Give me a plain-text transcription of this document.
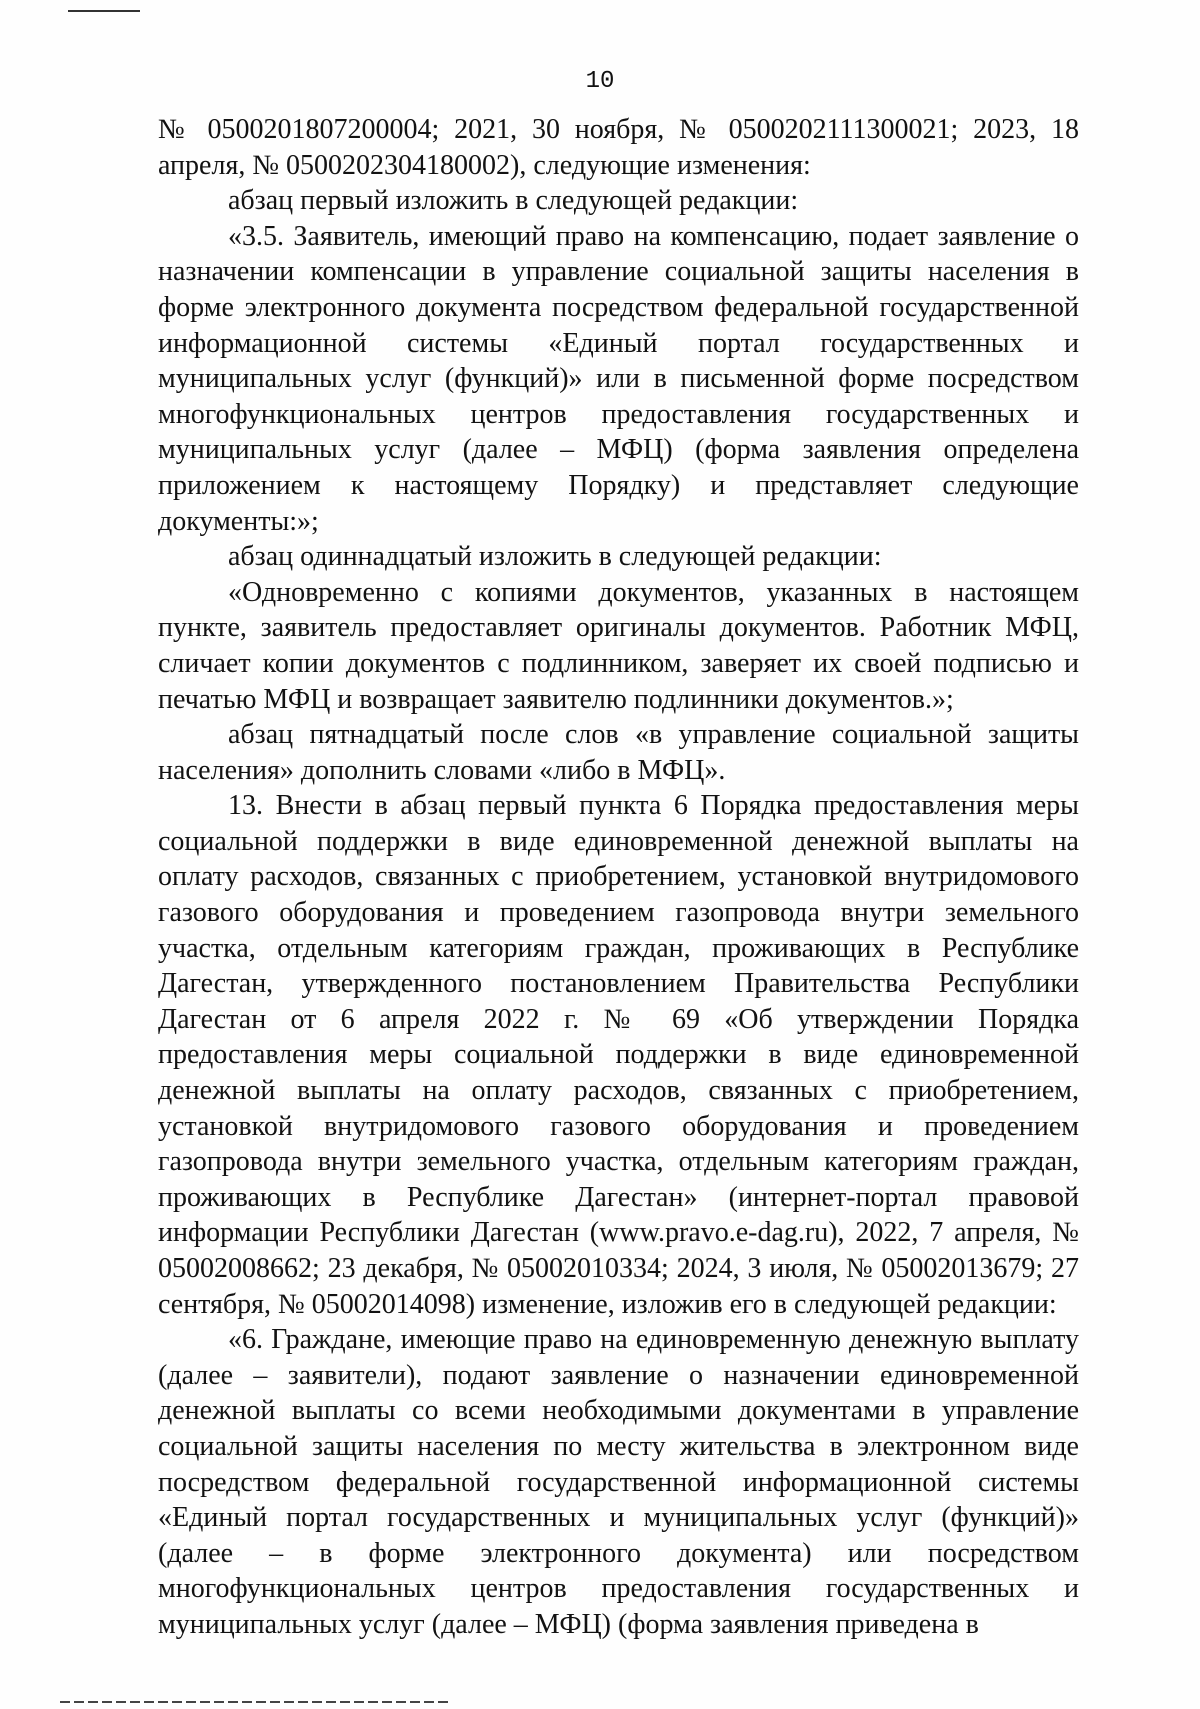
10

№ 0500201807200004; 2021, 30 ноября, № 0500202111300021; 2023, 18 апреля, № 0500202304180002), следующие изменения:

абзац первый изложить в следующей редакции:

«3.5. Заявитель, имеющий право на компенсацию, подает заявление о назначении компенсации в управление социальной защиты населения в форме электронного документа посредством федеральной государственной информационной системы «Единый портал государственных и муниципальных услуг (функций)» или в письменной форме посредством многофункциональных центров предоставления государственных и муниципальных услуг (далее – МФЦ) (форма заявления определена приложением к настоящему Порядку) и представляет следующие документы:»;

абзац одиннадцатый изложить в следующей редакции:

«Одновременно с копиями документов, указанных в настоящем пункте, заявитель предоставляет оригиналы документов. Работник МФЦ, сличает копии документов с подлинником, заверяет их своей подписью и печатью МФЦ и возвращает заявителю подлинники документов.»;

абзац пятнадцатый после слов «в управление социальной защиты населения» дополнить словами «либо в МФЦ».

13. Внести в абзац первый пункта 6 Порядка предоставления меры социальной поддержки в виде единовременной денежной выплаты на оплату расходов, связанных с приобретением, установкой внутридомового газового оборудования и проведением газопровода внутри земельного участка, отдельным категориям граждан, проживающих в Республике Дагестан, утвержденного постановлением Правительства Республики Дагестан от 6 апреля 2022 г. № 69 «Об утверждении Порядка предоставления меры социальной поддержки в виде единовременной денежной выплаты на оплату расходов, связанных с приобретением, установкой внутридомового газового оборудования и проведением газопровода внутри земельного участка, отдельным категориям граждан, проживающих в Республике Дагестан» (интернет-портал правовой информации Республики Дагестан (www.pravo.e-dag.ru), 2022, 7 апреля, № 05002008662; 23 декабря, № 05002010334; 2024, 3 июля, № 05002013679; 27 сентября, № 05002014098) изменение, изложив его в следующей редакции:

«6. Граждане, имеющие право на единовременную денежную выплату (далее – заявители), подают заявление о назначении единовременной денежной выплаты со всеми необходимыми документами в управление социальной защиты населения по месту жительства в электронном виде посредством федеральной государственной информационной системы «Единый портал государственных и муниципальных услуг (функций)» (далее – в форме электронного документа) или посредством многофункциональных центров предоставления государственных и муниципальных услуг (далее – МФЦ) (форма заявления приведена в
